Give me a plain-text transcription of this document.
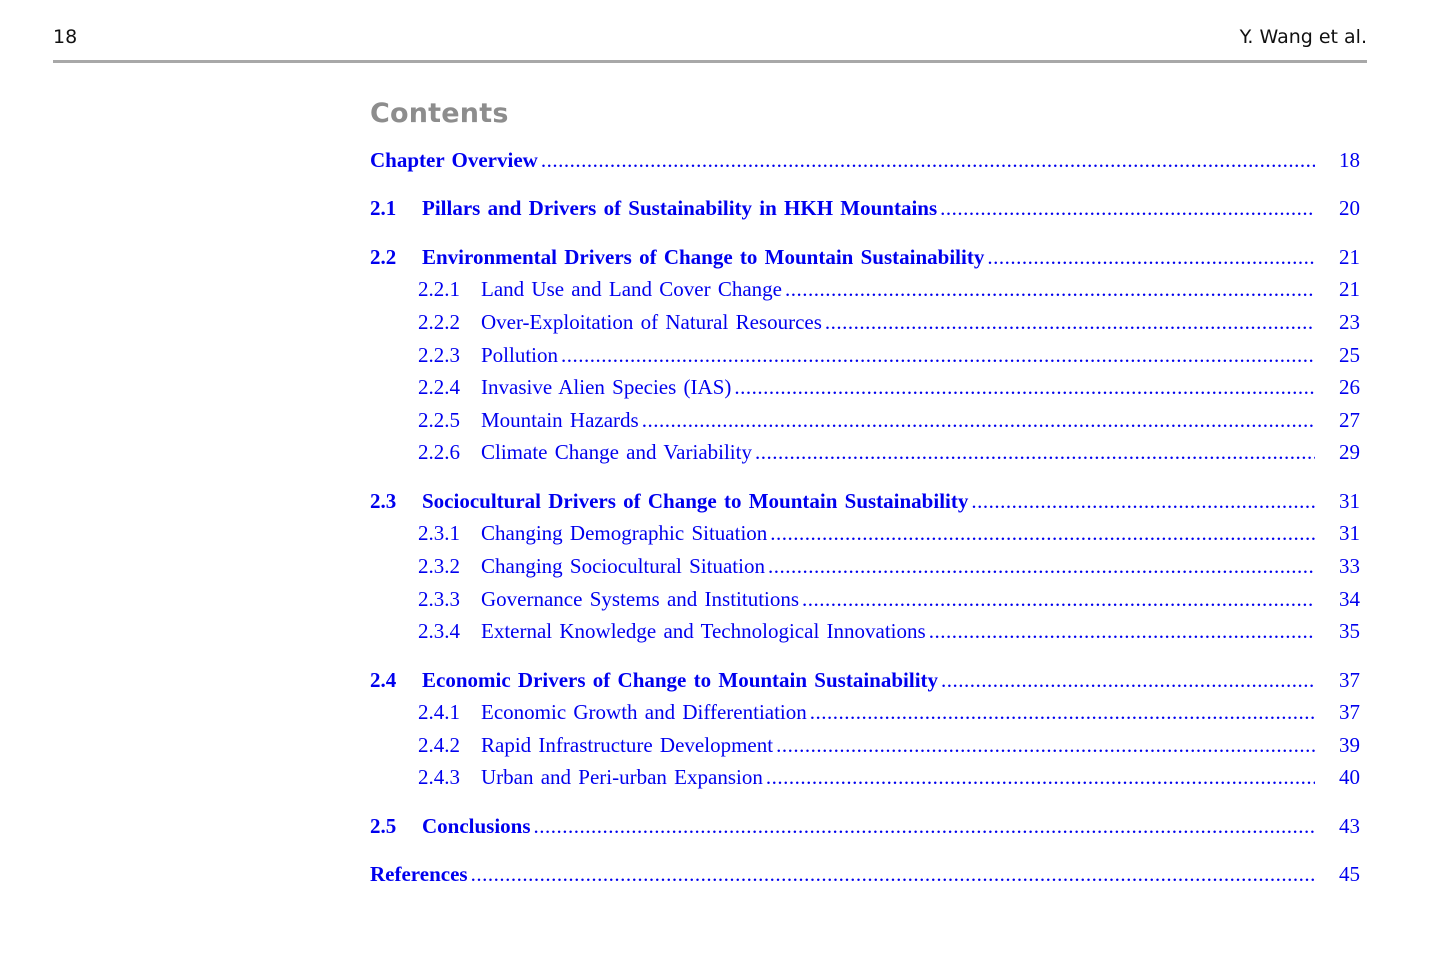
18	Y. Wang et al.
Contents
Chapter Overview .....	18
2.1	Pillars and Drivers of Sustainability in HKH Mountains .....	20
2.2	Environmental Drivers of Change to Mountain Sustainability .....	21
2.2.1	Land Use and Land Cover Change .....	21
2.2.2	Over-Exploitation of Natural Resources .....	23
2.2.3	Pollution .....	25
2.2.4	Invasive Alien Species (IAS) .....	26
2.2.5	Mountain Hazards .....	27
2.2.6	Climate Change and Variability .....	29
2.3	Sociocultural Drivers of Change to Mountain Sustainability .....	31
2.3.1	Changing Demographic Situation .....	31
2.3.2	Changing Sociocultural Situation .....	33
2.3.3	Governance Systems and Institutions .....	34
2.3.4	External Knowledge and Technological Innovations .....	35
2.4	Economic Drivers of Change to Mountain Sustainability .....	37
2.4.1	Economic Growth and Differentiation .....	37
2.4.2	Rapid Infrastructure Development .....	39
2.4.3	Urban and Peri-urban Expansion .....	40
2.5	Conclusions .....	43
References .....	45
